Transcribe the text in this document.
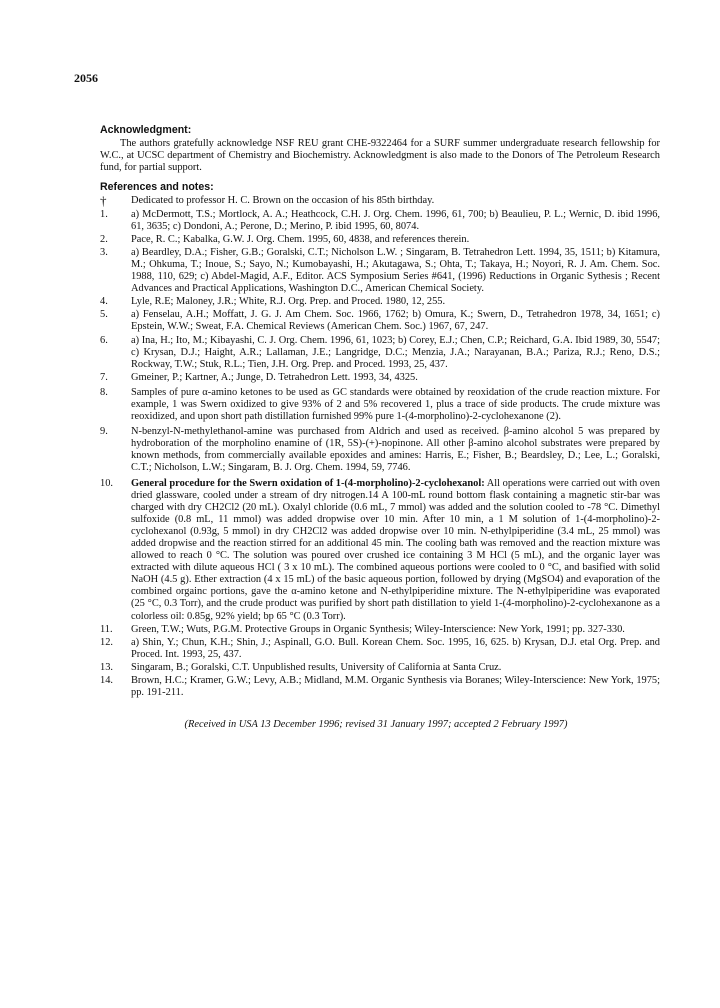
2056
Acknowledgment:

The authors gratefully acknowledge NSF REU grant CHE-9322464 for a SURF summer undergraduate research fellowship for W.C., at UCSC department of Chemistry and Biochemistry. Acknowledgment is also made to the Donors of The Petroleum Research fund, for partial support.

References and notes:
†	Dedicated to professor H. C. Brown on the occasion of his 85th birthday.
1.	a) McDermott, T.S.; Mortlock, A. A.; Heathcock, C.H. J. Org. Chem. 1996, 61, 700; b) Beaulieu, P. L.; Wernic, D. ibid 1996, 61, 3635; c) Dondoni, A.; Perone, D.; Merino, P. ibid 1995, 60, 8074.
2.	Pace, R. C.; Kabalka, G.W. J. Org. Chem. 1995, 60, 4838, and references therein.
3.	a) Beardley, D.A.; Fisher, G.B.; Goralski, C.T.; Nicholson L.W. ; Singaram, B. Tetrahedron Lett. 1994, 35, 1511; b) Kitamura, M.; Ohkuma, T.; Inoue, S.; Sayo, N.; Kumobayashi, H.; Akutagawa, S.; Ohta, T.; Takaya, H.; Noyori, R. J. Am. Chem. Soc. 1988, 110, 629; c) Abdel-Magid, A.F., Editor. ACS Symposium Series #641, (1996) Reductions in Organic Sythesis ; Recent Advances and Practical Applications, Washington D.C., American Chemical Society.
4.	Lyle, R.E; Maloney, J.R.; White, R.J. Org. Prep. and Proced. 1980, 12, 255.
5.	a) Fenselau, A.H.; Moffatt, J. G. J. Am Chem. Soc. 1966, 1762; b) Omura, K.; Swern, D., Tetrahedron 1978, 34, 1651; c) Epstein, W.W.; Sweat, F.A. Chemical Reviews (American Chem. Soc.) 1967, 67, 247.
6.	a) Ina, H.; Ito, M.; Kibayashi, C. J. Org. Chem. 1996, 61, 1023; b) Corey, E.J.; Chen, C.P.; Reichard, G.A. Ibid 1989, 30, 5547; c) Krysan, D.J.; Haight, A.R.; Lallaman, J.E.; Langridge, D.C.; Menzia, J.A.; Narayanan, B.A.; Pariza, R.J.; Reno, D.S.; Rockway, T.W.; Stuk, R.L.; Tien, J.H. Org. Prep. and Proced. 1993, 25, 437.
7.	Gmeiner, P.; Kartner, A.; Junge, D. Tetrahedron Lett. 1993, 34, 4325.
8.	Samples of pure α-amino ketones to be used as GC standards were obtained by reoxidation of the crude reaction mixture. For example, 1 was Swern oxidized to give 93% of 2 and 5% recovered 1, plus a trace of side products. The crude mixture was reoxidized, and upon short path distillation furnished 99% pure 1-(4-morpholino)-2-cyclohexanone (2).
9.	N-benzyl-N-methylethanol-amine was purchased from Aldrich and used as received. β-amino alcohol 5 was prepared by hydroboration of the morpholino enamine of (1R, 5S)-(+)-nopinone. All other β-amino alcohol substrates were prepared by known methods, from commercially available epoxides and amines: Harris, E.; Fisher, B.; Beardsley, D.; Lee, L.; Goralski, C.T.; Nicholson, L.W.; Singaram, B. J. Org. Chem. 1994, 59, 7746.
10.	General procedure for the Swern oxidation of 1-(4-morpholino)-2-cyclohexanol: All operations were carried out with oven dried glassware, cooled under a stream of dry nitrogen.14 A 100-mL round bottom flask containing a magnetic stir-bar was charged with dry CH2Cl2 (20 mL). Oxalyl chloride (0.6 mL, 7 mmol) was added and the solution cooled to -78 °C. Dimethyl sulfoxide (0.8 mL, 11 mmol) was added dropwise over 10 min. After 10 min, a 1 M solution of 1-(4-morpholino)-2-cyclohexanol (0.93g, 5 mmol) in dry CH2Cl2 was added dropwise over 10 min. N-ethylpiperidine (3.4 mL, 25 mmol) was added dropwise and the reaction stirred for an additional 45 min. The cooling bath was removed and the reaction mixture was allowed to reach 0 °C. The solution was poured over crushed ice containing 3 M HCl (5 mL), and the organic layer was extracted with dilute aqueous HCl ( 3 x 10 mL). The combined aqueous portions were cooled to 0 °C, and basified with solid NaOH (4.5 g). Ether extraction (4 x 15 mL) of the basic aqueous portion, followed by drying (MgSO4) and evaporation of the combined orgainc portions, gave the α-amino ketone and N-ethylpiperidine mixture. The N-ethylpiperidine was evaporated (25 °C, 0.3 Torr), and the crude product was purified by short path distillation to yield 1-(4-morpholino)-2-cyclohexanone as a colorless oil: 0.85g, 92% yield; bp 65 °C (0.3 Torr).
11.	Green, T.W.; Wuts, P.G.M. Protective Groups in Organic Synthesis; Wiley-Interscience: New York, 1991; pp. 327-330.
12.	a) Shin, Y.; Chun, K.H.; Shin, J.; Aspinall, G.O. Bull. Korean Chem. Soc. 1995, 16, 625. b) Krysan, D.J. etal Org. Prep. and Proced. Int. 1993, 25, 437.
13.	Singaram, B.; Goralski, C.T. Unpublished results, University of California at Santa Cruz.
14.	Brown, H.C.; Kramer, G.W.; Levy, A.B.; Midland, M.M. Organic Synthesis via Boranes; Wiley-Interscience: New York, 1975; pp. 191-211.

(Received in USA 13 December 1996; revised 31 January 1997; accepted 2 February 1997)
